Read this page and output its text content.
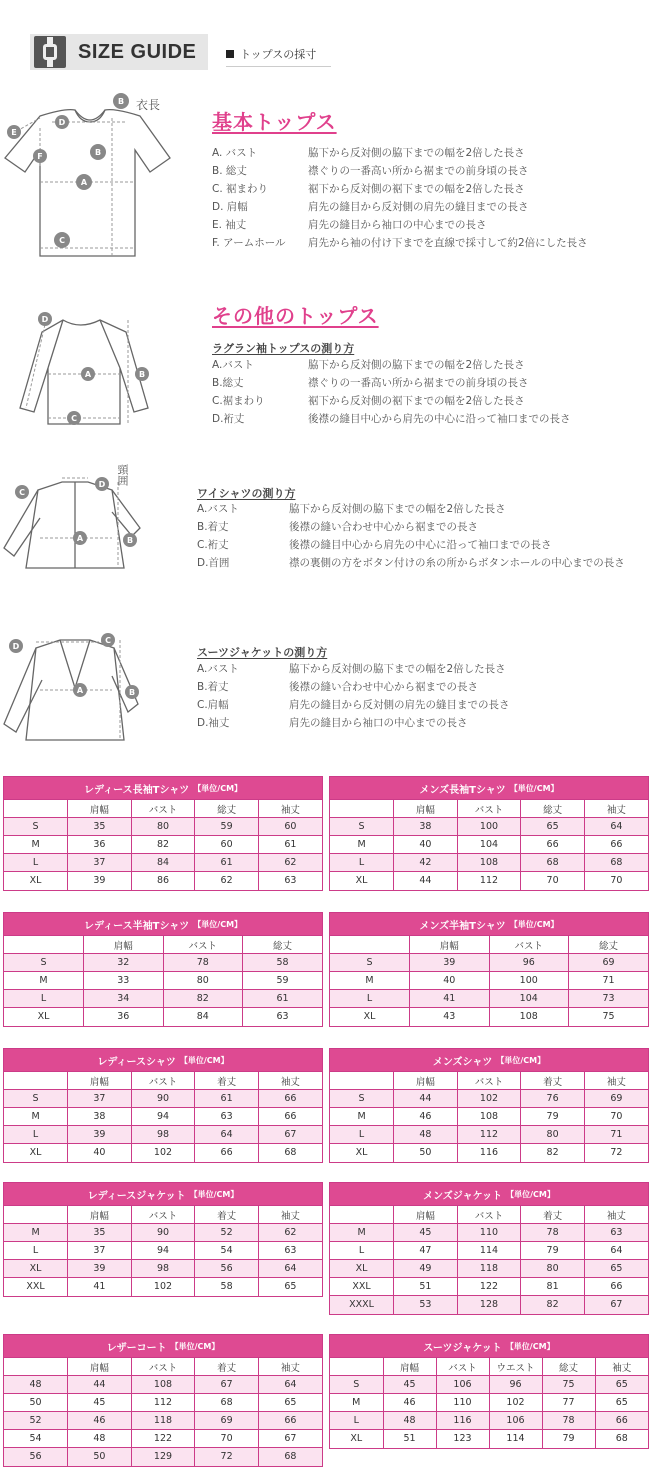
SIZE GUIDE	トップスの採寸
A
B
C
D
E
F
B 衣長
基本トップス
A. バスト	脇下から反対側の脇下までの幅を2倍した長さ
B. 総丈	襟ぐりの一番高い所から裾までの前身頃の長さ
C. 裾まわり	裾下から反対側の裾下までの幅を2倍した長さ
D. 肩幅	肩先の縫目から反対側の肩先の縫目までの長さ
E. 袖丈	肩先の縫目から袖口の中心までの長さ
F. アームホール	肩先から袖の付け下までを直線で採寸して約2倍にした長さ
A	B
C
D	その他のトップス
ラグラン袖トップスの測り方
A.バスト	脇下から反対側の脇下までの幅を2倍した長さ
B.総丈	襟ぐりの一番高い所から裾までの前身頃の長さ
C.裾まわり	裾下から反対側の裾下までの幅を2倍した長さ
D.裄丈	後襟の縫目中心から肩先の中心に沿って袖口までの長さ
A	B
C
D 頸囲
ワイシャツの測り方
A.バスト	脇下から反対側の脇下までの幅を2倍した長さ
B.着丈	後襟の縫い合わせ中心から裾までの長さ
C.裄丈	後襟の縫目中心から肩先の中心に沿って袖口までの長さ
D.首囲	襟の裏側の方をボタン付けの糸の所からボタンホールの中心までの長さ
A	B
C
D	スーツジャケットの測り方
A.バスト	脇下から反対側の脇下までの幅を2倍した長さ
B.着丈	後襟の縫い合わせ中心から裾までの長さ
C.肩幅	肩先の縫目から反対側の肩先の縫目までの長さ
D.袖丈	肩先の縫目から袖口の中心までの長さ
レディース長袖Tシャツ 【単位/CM】
	肩幅	バスト	総丈	袖丈
S	35	80	59	60
M	36	82	60	61
L	37	84	61	62
XL	39	86	62	63
メンズ長袖Tシャツ 【単位/CM】
	肩幅	バスト	総丈	袖丈
S	38	100	65	64
M	40	104	66	66
L	42	108	68	68
XL	44	112	70	70
レディース半袖Tシャツ 【単位/CM】
	肩幅	バスト	総丈
S	32	78	58
M	33	80	59
L	34	82	61
XL	36	84	63
メンズ半袖Tシャツ 【単位/CM】
	肩幅	バスト	総丈
S	39	96	69
M	40	100	71
L	41	104	73
XL	43	108	75
レディースシャツ 【単位/CM】
	肩幅	バスト	着丈	袖丈
S	37	90	61	66
M	38	94	63	66
L	39	98	64	67
XL	40	102	66	68
メンズシャツ 【単位/CM】
	肩幅	バスト	着丈	袖丈
S	44	102	76	69
M	46	108	79	70
L	48	112	80	71
XL	50	116	82	72
レディースジャケット 【単位/CM】
	肩幅	バスト	着丈	袖丈
M	35	90	52	62
L	37	94	54	63
XL	39	98	56	64
XXL	41	102	58	65
メンズジャケット 【単位/CM】
	肩幅	バスト	着丈	袖丈
M	45	110	78	63
L	47	114	79	64
XL	49	118	80	65
XXL	51	122	81	66
XXXL	53	128	82	67
レザーコート 【単位/CM】
	肩幅	バスト	着丈	袖丈
48	44	108	67	64
50	45	112	68	65
52	46	118	69	66
54	48	122	70	67
56	50	129	72	68
スーツジャケット 【単位/CM】
	肩幅	バスト	ウエスト	総丈	袖丈
S	45	106	96	75	65
M	46	110	102	77	65
L	48	116	106	78	66
XL	51	123	114	79	68
